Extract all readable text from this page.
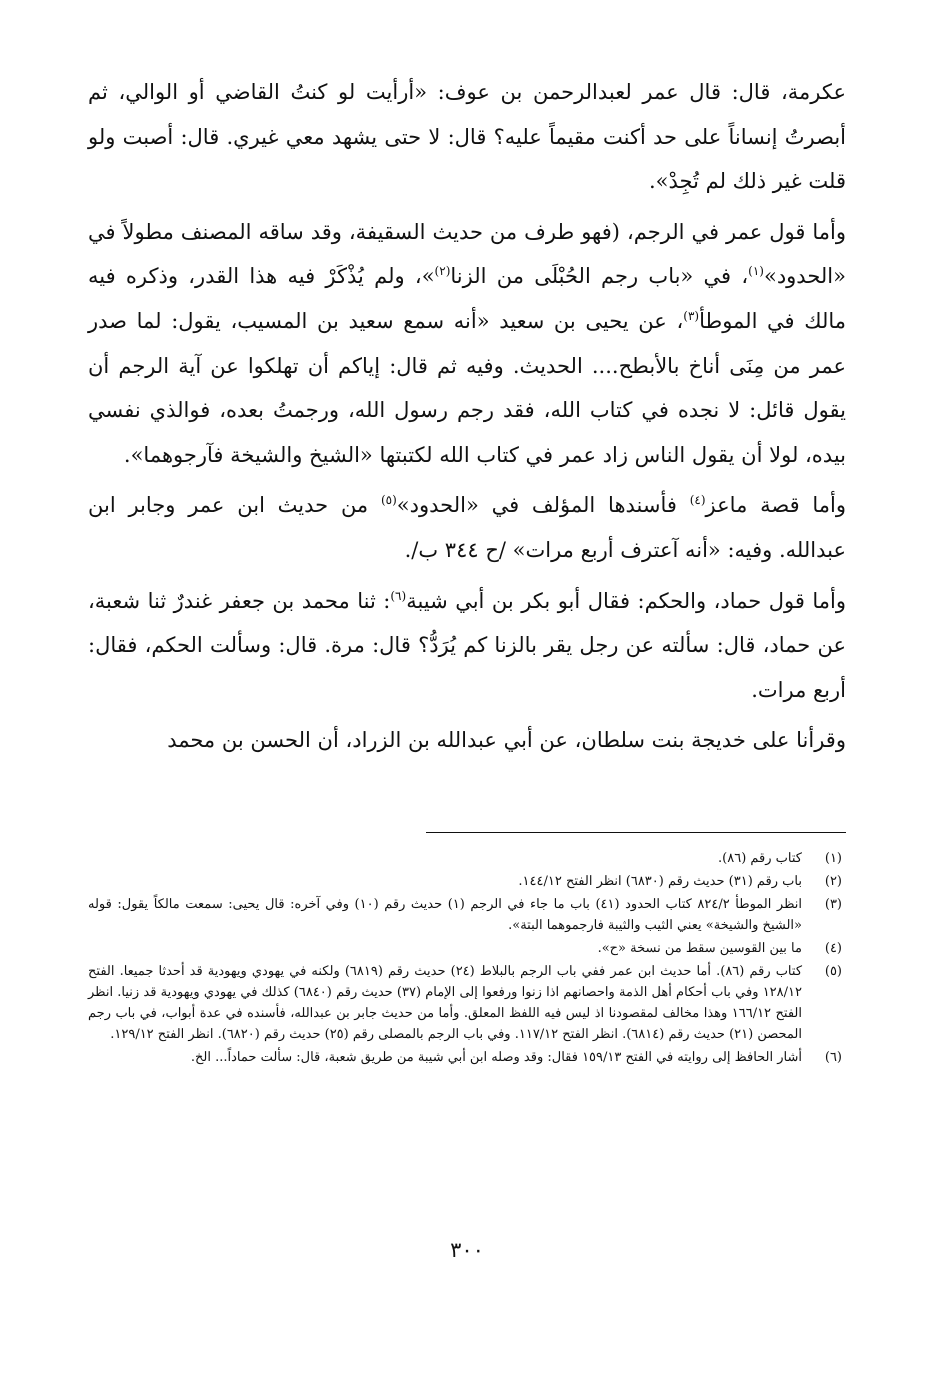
عكرمة، قال: قال عمر لعبدالرحمن بن عوف: «أرأيت لو كنتُ القاضي أو الوالي، ثم أبصرتُ إنساناً على حد أكنت مقيماً عليه؟ قال: لا حتى يشهد معي غيري. قال: أصبت ولو قلت غير ذلك لم تُجِدْ».

وأما قول عمر في الرجم، (فهو طرف من حديث السقيفة، وقد ساقه المصنف مطولاً في «الحدود»$^{(١)}$، في «باب رجم الحُبْلَى من الزنا$^{(٢)}$»، ولم يُذْكَرْ فيه هذا القدر، وذكره فيه مالك في الموطأ$^{(٣)}$، عن يحيى بن سعيد «أنه سمع سعيد بن المسيب، يقول: لما صدر عمر من مِنَى أناخ بالأبطح.... الحديث. وفيه ثم قال: إياكم أن تهلكوا عن آية الرجم أن يقول قائل: لا نجده في كتاب الله، فقد رجم رسول الله، ورجمتُ بعده، فوالذي نفسي بيده، لولا أن يقول الناس زاد عمر في كتاب الله لكتبتها «الشيخ والشيخة فآرجوهما».

وأما قصة ماعز$^{(٤)}$ فأسندها المؤلف في «الحدود»$^{(٥)}$ من حديث ابن عمر وجابر ابن عبدالله. وفيه: «أنه آعترف أربع مرات» /ح ٣٤٤ ب/.

وأما قول حماد، والحكم: فقال أبو بكر بن أبي شيبة$^{(٦)}$: ثنا محمد بن جعفر غندرٌ ثنا شعبة، عن حماد، قال: سألته عن رجل يقر بالزنا كم يُرَدُّ؟ قال: مرة. قال: وسألت الحكم، فقال: أربع مرات.

وقرأنا على خديجة بنت سلطان، عن أبي عبدالله بن الزراد، أن الحسن بن محمد

(١)
كتاب رقم (٨٦).
(٢)
باب رقم (٣١) حديث رقم (٦٨٣٠) انظر الفتح ١٤٤/١٢.
(٣)
انظر الموطأ ٨٢٤/٢ كتاب الحدود (٤١) باب ما جاء في الرجم (١) حديث رقم (١٠) وفي آخره: قال يحيى: سمعت مالكاً يقول: قوله «الشيخ والشيخة» يعني الثيب والثيبة فارجموهما البتة».
(٤)
ما بين القوسين سقط من نسخة «ح».
(٥)
كتاب رقم (٨٦). أما حديث ابن عمر ففي باب الرجم بالبلاط (٢٤) حديث رقم (٦٨١٩) ولكنه في يهودي ويهودية قد أحدثا جميعا. الفتح ١٢٨/١٢ وفي باب أحكام أهل الذمة واحصانهم اذا زنوا ورفعوا إلى الإمام (٣٧) حديث رقم (٦٨٤٠) كذلك في يهودي ويهودية قد زنيا. انظر الفتح ١٦٦/١٢ وهذا مخالف لمقصودنا اذ ليس فيه اللفظ المعلق. وأما من حديث جابر بن عبدالله، فأسنده في عدة أبواب، في باب رجم المحصن (٢١) حديث رقم (٦٨١٤). انظر الفتح ١١٧/١٢. وفي باب الرجم بالمصلى رقم (٢٥) حديث رقم (٦٨٢٠). انظر الفتح ١٢٩/١٢.
(٦)
أشار الحافظ إلى روايته في الفتح ١٥٩/١٣ فقال: وقد وصله ابن أبي شيبة من طريق شعبة، قال: سألت حماداً... الخ.
٣٠٠
